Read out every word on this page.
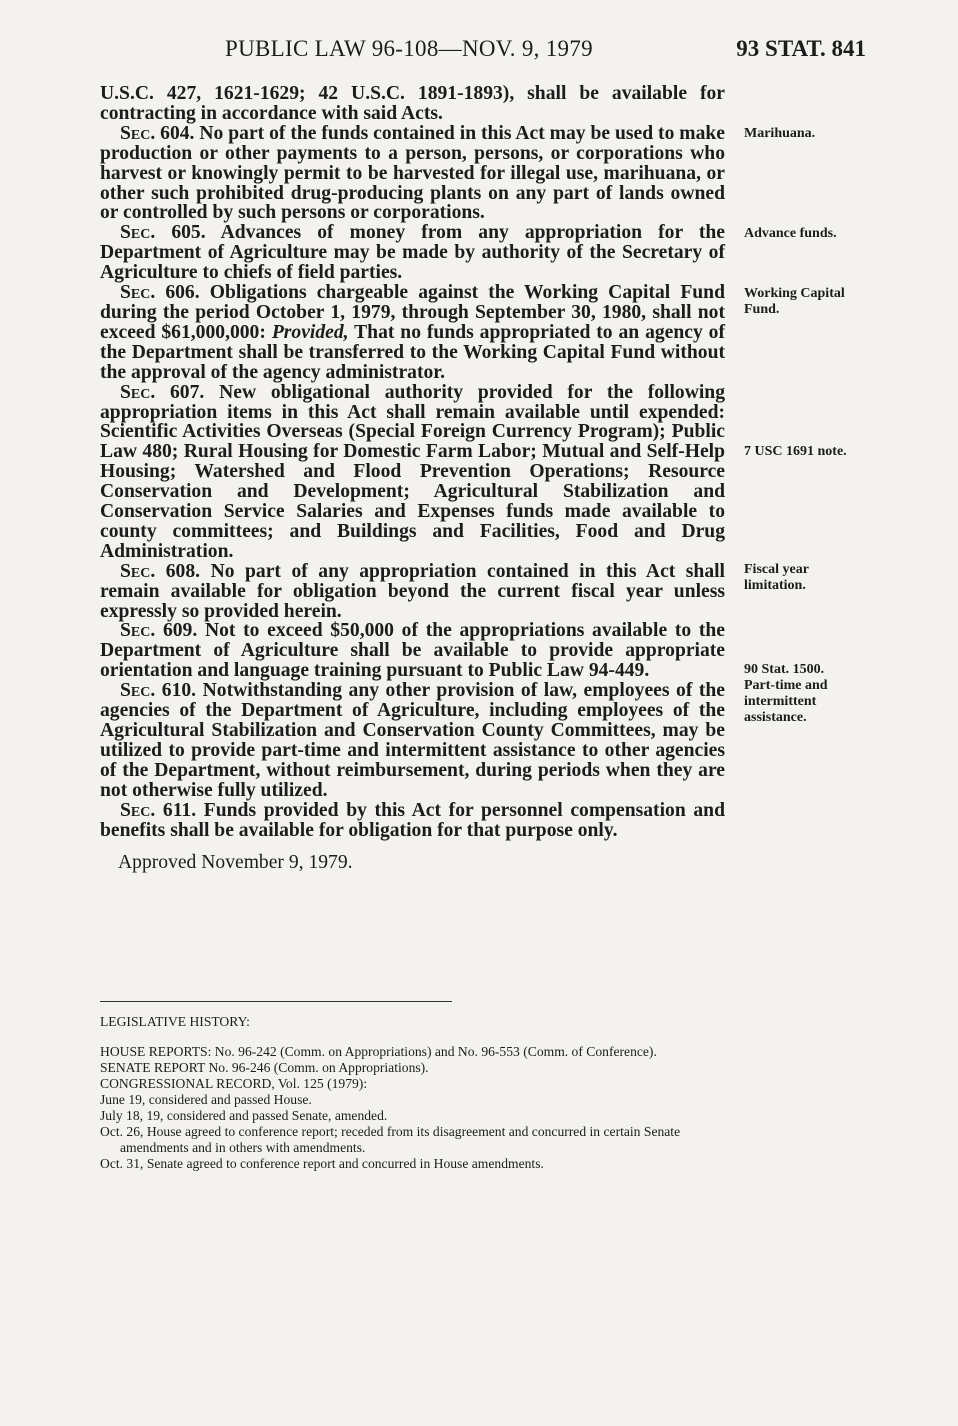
PUBLIC LAW 96-108—NOV. 9, 1979	93 STAT. 841

U.S.C. 427, 1621-1629; 42 U.S.C. 1891-1893), shall be available for contracting in accordance with said Acts.

Sec. 604. No part of the funds contained in this Act may be used to make production or other payments to a person, persons, or corporations who harvest or knowingly permit to be harvested for illegal use, marihuana, or other such prohibited drug-producing plants on any part of lands owned or controlled by such persons or corporations.

Sec. 605. Advances of money from any appropriation for the Department of Agriculture may be made by authority of the Secretary of Agriculture to chiefs of field parties.

Sec. 606. Obligations chargeable against the Working Capital Fund during the period October 1, 1979, through September 30, 1980, shall not exceed $61,000,000: Provided, That no funds appropriated to an agency of the Department shall be transferred to the Working Capital Fund without the approval of the agency administrator.

Sec. 607. New obligational authority provided for the following appropriation items in this Act shall remain available until expended: Scientific Activities Overseas (Special Foreign Currency Program); Public Law 480; Rural Housing for Domestic Farm Labor; Mutual and Self-Help Housing; Watershed and Flood Prevention Operations; Resource Conservation and Development; Agricultural Stabilization and Conservation Service Salaries and Expenses funds made available to county committees; and Buildings and Facilities, Food and Drug Administration.

Sec. 608. No part of any appropriation contained in this Act shall remain available for obligation beyond the current fiscal year unless expressly so provided herein.

Sec. 609. Not to exceed $50,000 of the appropriations available to the Department of Agriculture shall be available to provide appropriate orientation and language training pursuant to Public Law 94-449.

Sec. 610. Notwithstanding any other provision of law, employees of the agencies of the Department of Agriculture, including employees of the Agricultural Stabilization and Conservation County Committees, may be utilized to provide part-time and intermittent assistance to other agencies of the Department, without reimbursement, during periods when they are not otherwise fully utilized.

Sec. 611. Funds provided by this Act for personnel compensation and benefits shall be available for obligation for that purpose only.

Approved November 9, 1979.
Marihuana.
Advance funds.
Working Capital
Fund.
7 USC 1691 note.
Fiscal year
limitation.
90 Stat. 1500.
Part-time and
intermittent
assistance.

LEGISLATIVE HISTORY:

HOUSE REPORTS: No. 96-242 (Comm. on Appropriations) and No. 96-553 (Comm. of Conference).

SENATE REPORT No. 96-246 (Comm. on Appropriations).

CONGRESSIONAL RECORD, Vol. 125 (1979):

June 19, considered and passed House.

July 18, 19, considered and passed Senate, amended.

Oct. 26, House agreed to conference report; receded from its disagreement and concurred in certain Senate amendments and in others with amendments.

Oct. 31, Senate agreed to conference report and concurred in House amendments.
